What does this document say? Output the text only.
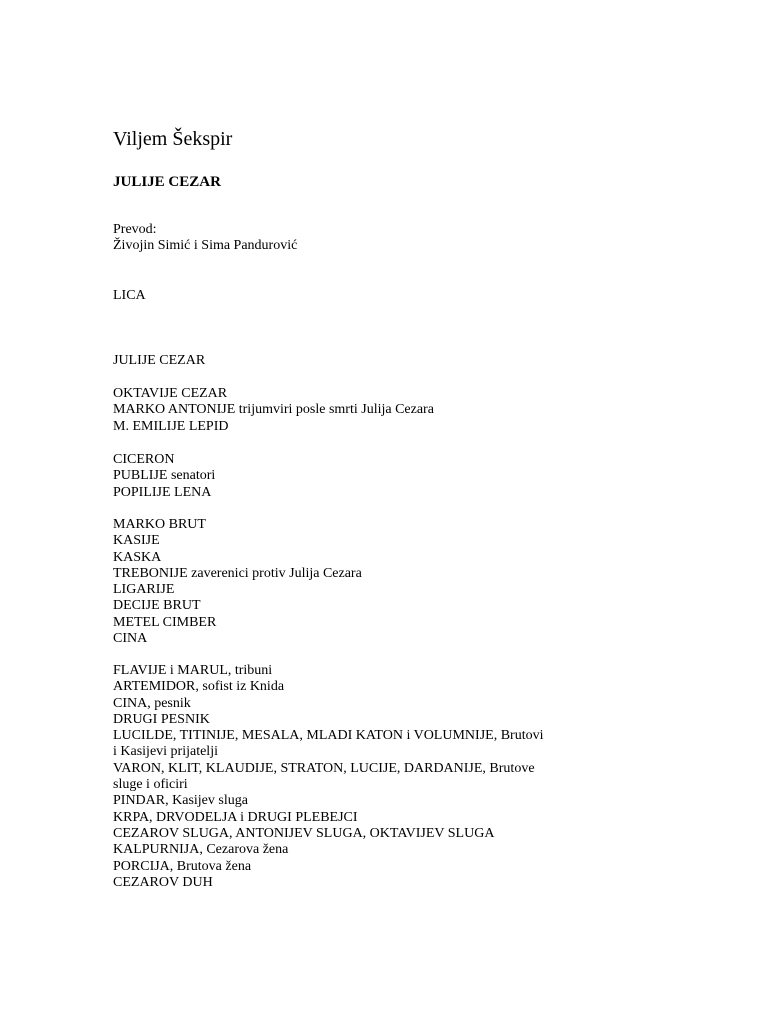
Viljem Šekspir
JULIJE CEZAR
Prevod:
Živojin Simić i Sima Pandurović
LICA
JULIJE CEZAR
OKTAVIJE CEZAR
MARKO ANTONIJE trijumviri posle smrti Julija Cezara
M. EMILIJE LEPID
CICERON
PUBLIJE senatori
POPILIJE LENA
MARKO BRUT
KASIJE
KASKA
TREBONIJE zaverenici protiv Julija Cezara
LIGARIJE
DECIJE BRUT
METEL CIMBER
CINA
FLAVIJE i MARUL, tribuni
ARTEMIDOR, sofist iz Knida
CINA, pesnik
DRUGI PESNIK
LUCILDE, TITINIJE, MESALA, MLADI KATON i VOLUMNIJE, Brutovi
i Kasijevi prijatelji
VARON, KLIT, KLAUDIJE, STRATON, LUCIJE, DARDANIJE, Brutove
sluge i oficiri
PINDAR, Kasijev sluga
KRPA, DRVODELJA i DRUGI PLEBEJCI
CEZAROV SLUGA, ANTONIJEV SLUGA, OKTAVIJEV SLUGA
KALPURNIJA, Cezarova žena
PORCIJA, Brutova žena
CEZAROV DUH
